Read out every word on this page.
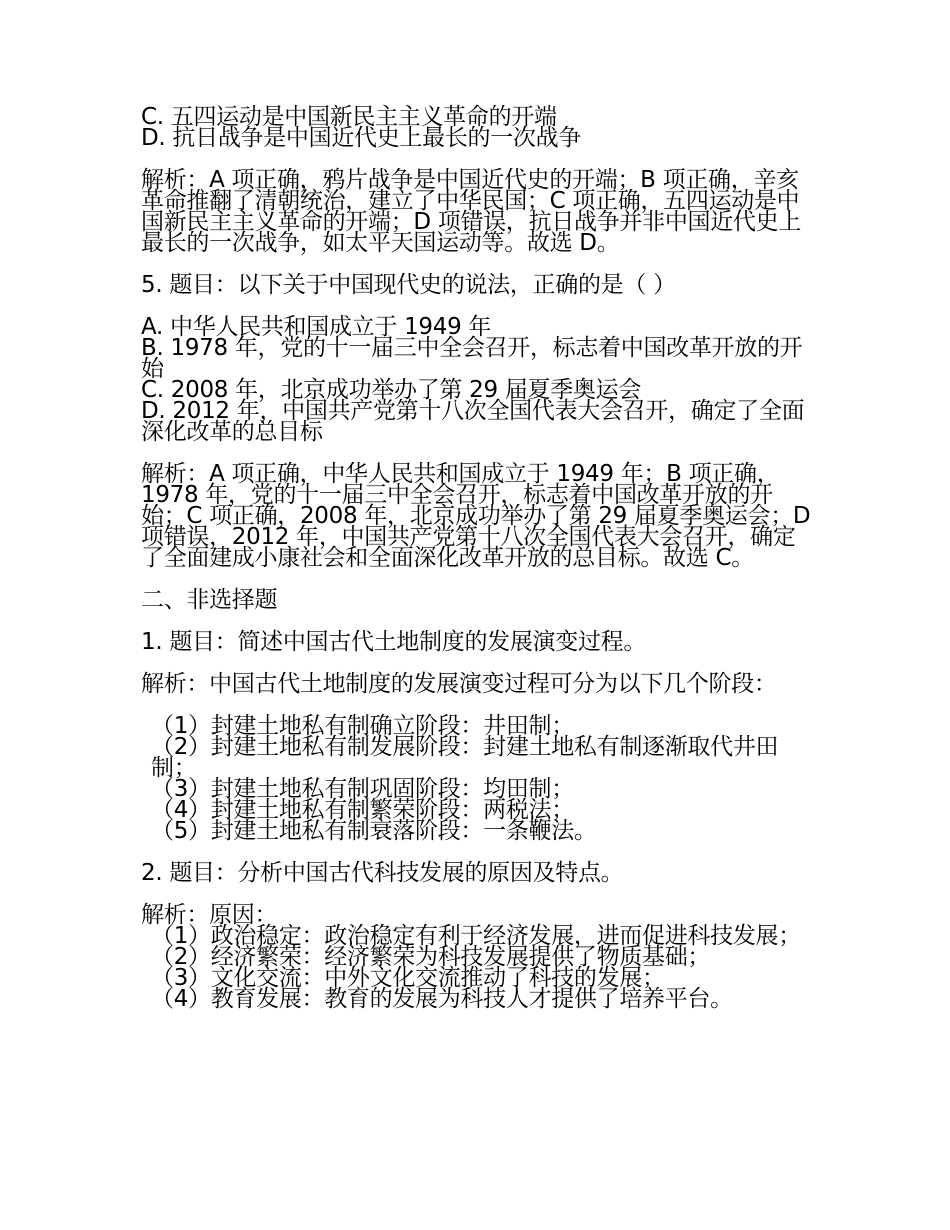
C. 五四运动是中国新民主主义革命的开端

D. 抗日战争是中国近代史上最长的一次战争

解析：A 项正确，鸦片战争是中国近代史的开端；B 项正确，辛亥革命推翻了清朝统治，建立了中华民国；C 项正确，五四运动是中国新民主主义革命的开端；D 项错误，抗日战争并非中国近代史上最长的一次战争，如太平天国运动等。故选 D。

5. 题目：以下关于中国现代史的说法，正确的是（ ）

A. 中华人民共和国成立于 1949 年

B. 1978 年，党的十一届三中全会召开，标志着中国改革开放的开始

C. 2008 年，北京成功举办了第 29 届夏季奥运会

D. 2012 年，中国共产党第十八次全国代表大会召开，确定了全面深化改革的总目标

解析：A 项正确，中华人民共和国成立于 1949 年；B 项正确，1978 年，党的十一届三中全会召开，标志着中国改革开放的开始；C 项正确，2008 年，北京成功举办了第 29 届夏季奥运会；D 项错误，2012 年，中国共产党第十八次全国代表大会召开，确定了全面建成小康社会和全面深化改革开放的总目标。故选 C。

二、非选择题

1. 题目：简述中国古代土地制度的发展演变过程。

解析：中国古代土地制度的发展演变过程可分为以下几个阶段：

（1）封建土地私有制确立阶段：井田制；

（2）封建土地私有制发展阶段：封建土地私有制逐渐取代井田制；

（3）封建土地私有制巩固阶段：均田制；

（4）封建土地私有制繁荣阶段：两税法；

（5）封建土地私有制衰落阶段：一条鞭法。

2. 题目：分析中国古代科技发展的原因及特点。

解析：原因：

（1）政治稳定：政治稳定有利于经济发展，进而促进科技发展；

（2）经济繁荣：经济繁荣为科技发展提供了物质基础；

（3）文化交流：中外文化交流推动了科技的发展；

（4）教育发展：教育的发展为科技人才提供了培养平台。
